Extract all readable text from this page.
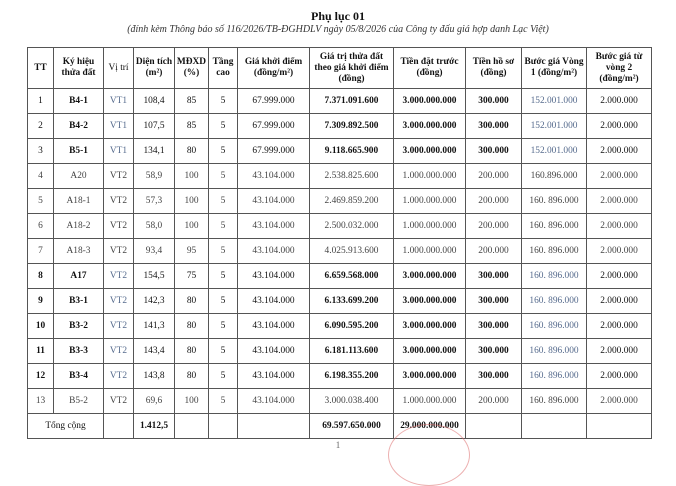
Phụ lục 01
(đính kèm Thông báo số 116/2026/TB-ĐGHDLV ngày 05/8/2026 của Công ty đấu giá hợp danh Lạc Việt)
TT	Ký hiệu thửa đất	Vị trí	Diện tích (m²)	MĐXD (%)	Tầng cao	Giá khởi điểm (đồng/m²)	Giá trị thửa đất theo giá khởi điểm (đồng)	Tiền đặt trước (đồng)	Tiền hồ sơ (đồng)	Bước giá Vòng 1 (đồng/m²)	Bước giá từ vòng 2 (đồng/m²)
1	B4-1	VT1	108,4	85	5	67.999.000	7.371.091.600	3.000.000.000	300.000	152.001.000	2.000.000
2	B4-2	VT1	107,5	85	5	67.999.000	7.309.892.500	3.000.000.000	300.000	152.001.000	2.000.000
3	B5-1	VT1	134,1	80	5	67.999.000	9.118.665.900	3.000.000.000	300.000	152.001.000	2.000.000
4	A20	VT2	58,9	100	5	43.104.000	2.538.825.600	1.000.000.000	200.000	160.896.000	2.000.000
5	A18-1	VT2	57,3	100	5	43.104.000	2.469.859.200	1.000.000.000	200.000	160. 896.000	2.000.000
6	A18-2	VT2	58,0	100	5	43.104.000	2.500.032.000	1.000.000.000	200.000	160. 896.000	2.000.000
7	A18-3	VT2	93,4	95	5	43.104.000	4.025.913.600	1.000.000.000	200.000	160. 896.000	2.000.000
8	A17	VT2	154,5	75	5	43.104.000	6.659.568.000	3.000.000.000	300.000	160. 896.000	2.000.000
9	B3-1	VT2	142,3	80	5	43.104.000	6.133.699.200	3.000.000.000	300.000	160. 896.000	2.000.000
10	B3-2	VT2	141,3	80	5	43.104.000	6.090.595.200	3.000.000.000	300.000	160. 896.000	2.000.000
11	B3-3	VT2	143,4	80	5	43.104.000	6.181.113.600	3.000.000.000	300.000	160. 896.000	2.000.000
12	B3-4	VT2	143,8	80	5	43.104.000	6.198.355.200	3.000.000.000	300.000	160. 896.000	2.000.000
13	B5-2	VT2	69,6	100	5	43.104.000	3.000.038.400	1.000.000.000	200.000	160. 896.000	2.000.000
Tổng cộng			1.412,5				69.597.650.000	29.000.000.000			
1
